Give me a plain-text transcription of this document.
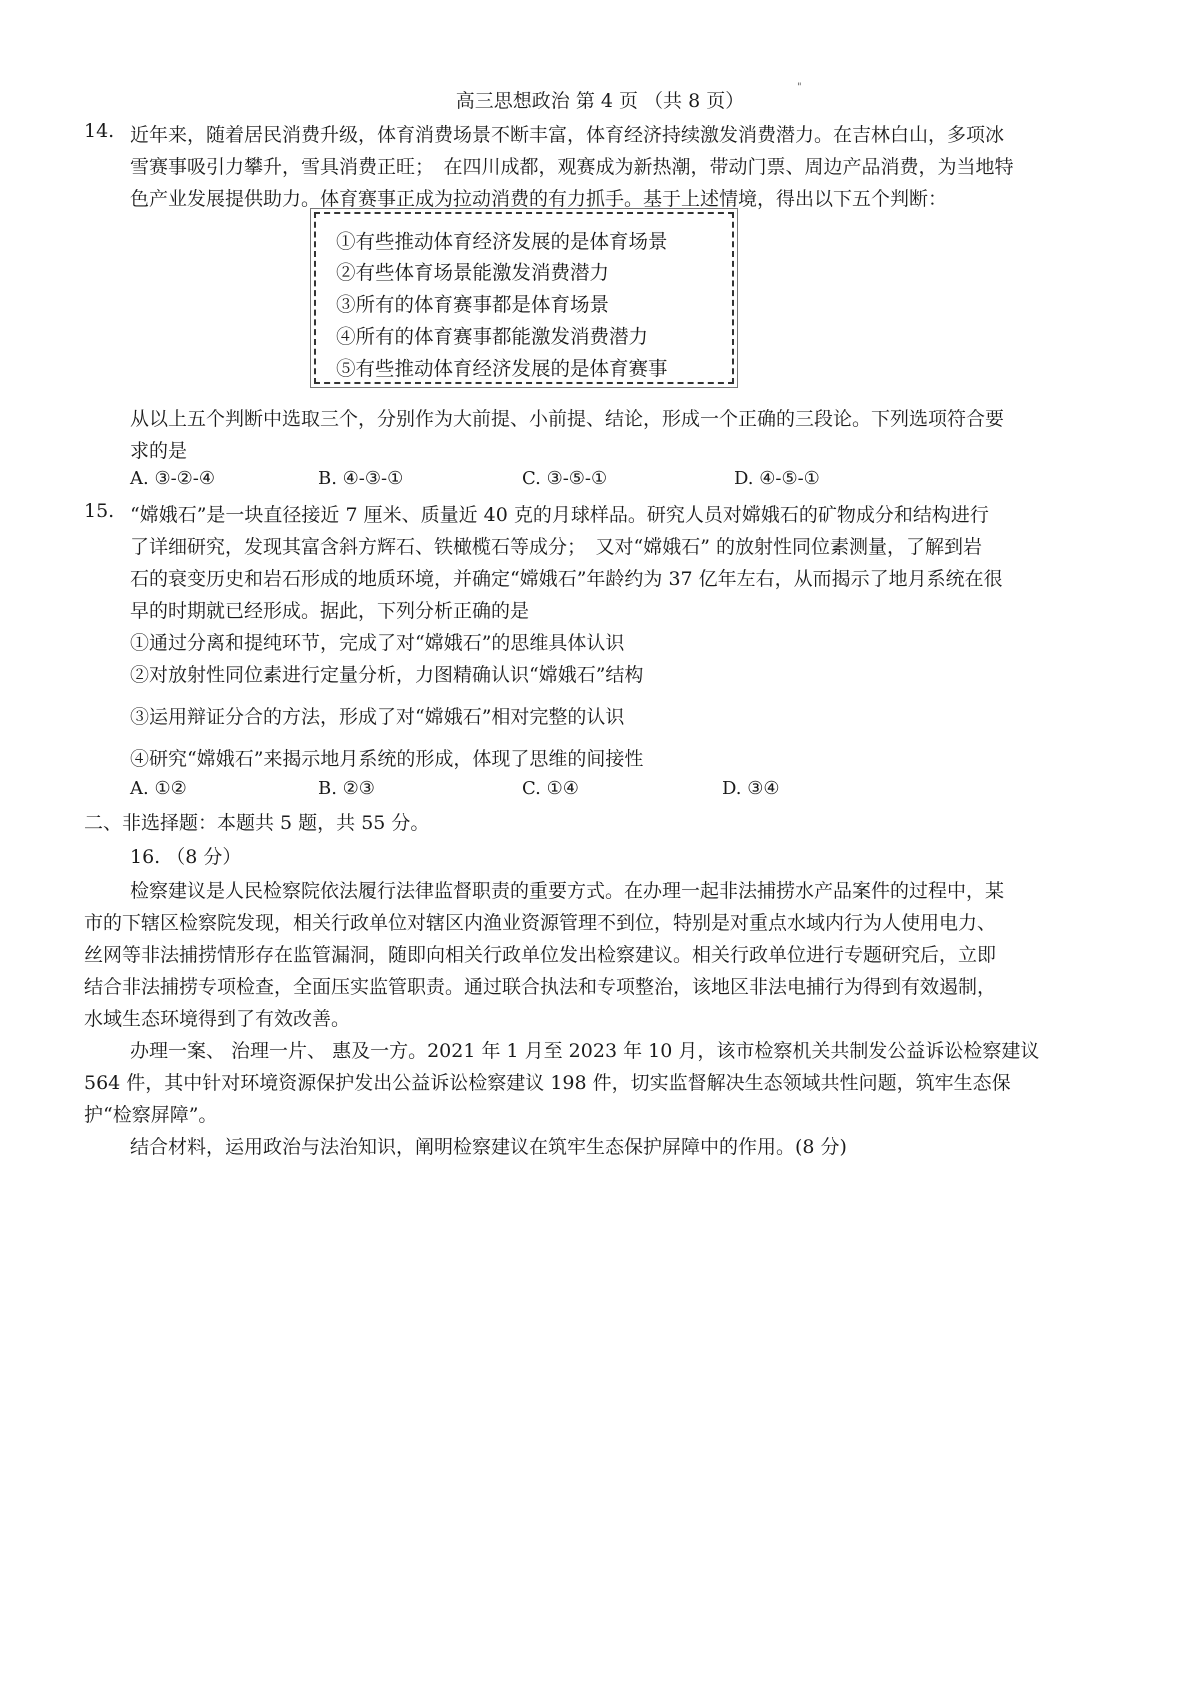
高三思想政治 第 4 页 （共 8 页）
"
14. 近年来，随着居民消费升级，体育消费场景不断丰富，体育经济持续激发消费潜力。在吉林白山，多项冰
雪赛事吸引力攀升，雪具消费正旺；　在四川成都，观赛成为新热潮，带动门票、周边产品消费，为当地特
色产业发展提供助力。体育赛事正成为拉动消费的有力抓手。基于上述情境，得出以下五个判断：
①有些推动体育经济发展的是体育场景
②有些体育场景能激发消费潜力
③所有的体育赛事都是体育场景
④所有的体育赛事都能激发消费潜力
⑤有些推动体育经济发展的是体育赛事
从以上五个判断中选取三个，分别作为大前提、小前提、结论，形成一个正确的三段论。下列选项符合要
求的是
A. ③-②-④	B. ④-③-①	C. ③-⑤-①	D. ④-⑤-①
15. “嫦娥石”是一块直径接近 7 厘米、质量近 40 克的月球样品。研究人员对嫦娥石的矿物成分和结构进行
了详细研究，发现其富含斜方辉石、铁橄榄石等成分；　又对“嫦娥石” 的放射性同位素测量，了解到岩
石的衰变历史和岩石形成的地质环境，并确定“嫦娥石”年龄约为 37 亿年左右，从而揭示了地月系统在很
早的时期就已经形成。据此，下列分析正确的是
①通过分离和提纯环节，完成了对“嫦娥石”的思维具体认识
②对放射性同位素进行定量分析，力图精确认识“嫦娥石”结构
③运用辩证分合的方法，形成了对“嫦娥石”相对完整的认识
④研究“嫦娥石”来揭示地月系统的形成，体现了思维的间接性
A. ①②	B. ②③	C. ①④	D. ③④
二、非选择题：本题共 5 题，共 55 分。
16. （8 分）
检察建议是人民检察院依法履行法律监督职责的重要方式。在办理一起非法捕捞水产品案件的过程中，某
市的下辖区检察院发现，相关行政单位对辖区内渔业资源管理不到位，特别是对重点水域内行为人使用电力、
丝网等非法捕捞情形存在监管漏洞，随即向相关行政单位发出检察建议。相关行政单位进行专题研究后，立即
结合非法捕捞专项检查，全面压实监管职责。通过联合执法和专项整治，该地区非法电捕行为得到有效遏制，
水域生态环境得到了有效改善。
办理一案、 治理一片、 惠及一方。2021 年 1 月至 2023 年 10 月，该市检察机关共制发公益诉讼检察建议
564 件，其中针对环境资源保护发出公益诉讼检察建议 198 件，切实监督解决生态领域共性问题，筑牢生态保
护“检察屏障”。
结合材料，运用政治与法治知识，阐明检察建议在筑牢生态保护屏障中的作用。(8 分)
